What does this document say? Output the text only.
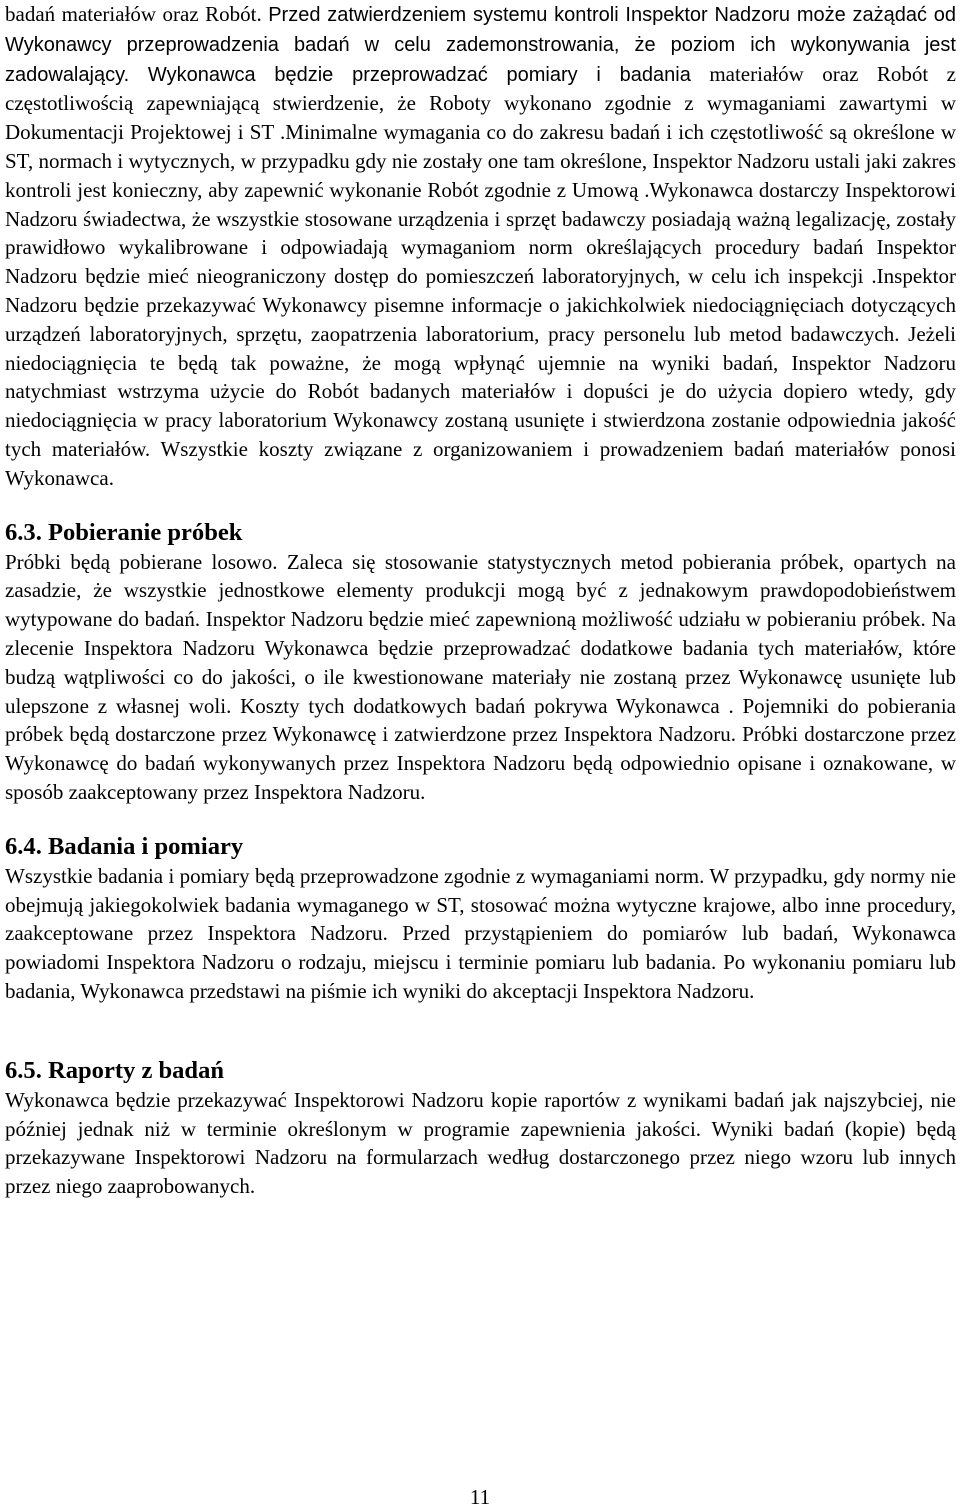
badań materiałów oraz Robót. Przed zatwierdzeniem systemu kontroli Inspektor Nadzoru może zażądać od Wykonawcy przeprowadzenia badań w celu zademonstrowania, że poziom ich wykonywania jest zadowalający. Wykonawca będzie przeprowadzać pomiary i badania materiałów oraz Robót z częstotliwością zapewniającą stwierdzenie, że Roboty wykonano zgodnie z wymaganiami zawartymi w Dokumentacji Projektowej i ST .Minimalne wymagania co do zakresu badań i ich częstotliwość są określone w ST, normach i wytycznych, w przypadku gdy nie zostały one tam określone, Inspektor Nadzoru ustali jaki zakres kontroli jest konieczny, aby zapewnić wykonanie Robót zgodnie z Umową .Wykonawca dostarczy Inspektorowi Nadzoru świadectwa, że wszystkie stosowane urządzenia i sprzęt badawczy posiadają ważną legalizację, zostały prawidłowo wykalibrowane i odpowiadają wymaganiom norm określających procedury badań Inspektor Nadzoru będzie mieć nieograniczony dostęp do pomieszczeń laboratoryjnych, w celu ich inspekcji .Inspektor Nadzoru będzie przekazywać Wykonawcy pisemne informacje o jakichkolwiek niedociągnięciach dotyczących urządzeń laboratoryjnych, sprzętu, zaopatrzenia laboratorium, pracy personelu lub metod badawczych. Jeżeli niedociągnięcia te będą tak poważne, że mogą wpłynąć ujemnie na wyniki badań, Inspektor Nadzoru natychmiast wstrzyma użycie do Robót badanych materiałów i dopuści je do użycia dopiero wtedy, gdy niedociągnięcia w pracy laboratorium Wykonawcy zostaną usunięte i stwierdzona zostanie odpowiednia jakość tych materiałów. Wszystkie koszty związane z organizowaniem i prowadzeniem badań materiałów ponosi Wykonawca.

6.3. Pobieranie próbek

Próbki będą pobierane losowo. Zaleca się stosowanie statystycznych metod pobierania próbek, opartych na zasadzie, że wszystkie jednostkowe elementy produkcji mogą być z jednakowym prawdopodobieństwem wytypowane do badań. Inspektor Nadzoru będzie mieć zapewnioną możliwość udziału w pobieraniu próbek. Na zlecenie Inspektora Nadzoru Wykonawca będzie przeprowadzać dodatkowe badania tych materiałów, które budzą wątpliwości co do jakości, o ile kwestionowane materiały nie zostaną przez Wykonawcę usunięte lub ulepszone z własnej woli. Koszty tych dodatkowych badań pokrywa Wykonawca . Pojemniki do pobierania próbek będą dostarczone przez Wykonawcę i zatwierdzone przez Inspektora Nadzoru. Próbki dostarczone przez Wykonawcę do badań wykonywanych przez Inspektora Nadzoru będą odpowiednio opisane i oznakowane, w sposób zaakceptowany przez Inspektora Nadzoru.

6.4. Badania i pomiary

Wszystkie badania i pomiary będą przeprowadzone zgodnie z wymaganiami norm. W przypadku, gdy normy nie obejmują jakiegokolwiek badania wymaganego w ST, stosować można wytyczne krajowe, albo inne procedury, zaakceptowane przez Inspektora Nadzoru. Przed przystąpieniem do pomiarów lub badań, Wykonawca powiadomi Inspektora Nadzoru o rodzaju, miejscu i terminie pomiaru lub badania. Po wykonaniu pomiaru lub badania, Wykonawca przedstawi na piśmie ich wyniki do akceptacji Inspektora Nadzoru.

6.5. Raporty z badań

Wykonawca będzie przekazywać Inspektorowi Nadzoru kopie raportów z wynikami badań jak najszybciej, nie później jednak niż w terminie określonym w programie zapewnienia jakości. Wyniki badań (kopie) będą przekazywane Inspektorowi Nadzoru na formularzach według dostarczonego przez niego wzoru lub innych przez niego zaaprobowanych.

11
